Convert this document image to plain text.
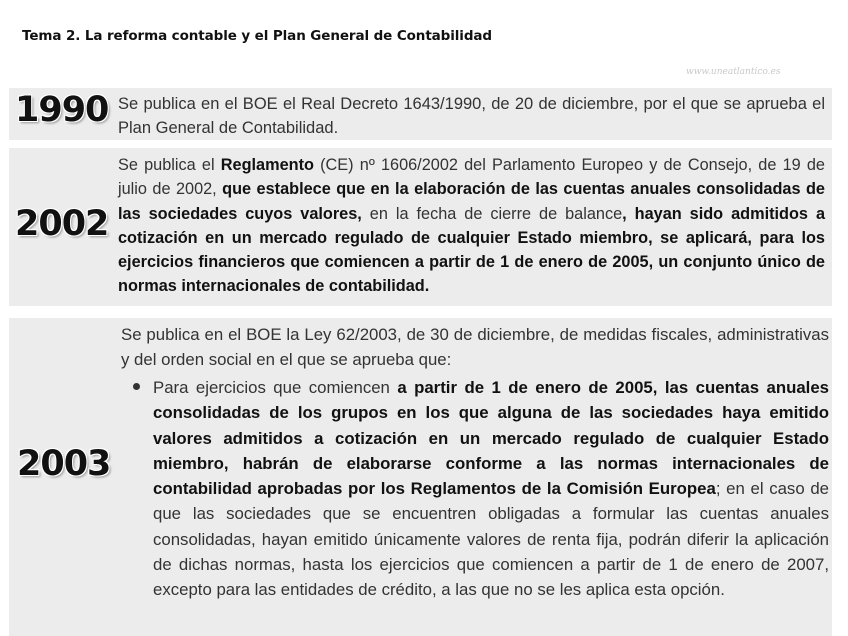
Tema 2. La reforma contable y el Plan General de Contabilidad
www.uneatlantico.es
1990 Se publica en el BOE el Real Decreto 1643/1990, de 20 de diciembre, por el que se aprueba el Plan General de Contabilidad.
2002
Se publica el Reglamento (CE) nº 1606/2002 del Parlamento Europeo y de Consejo, de 19 de julio de 2002, que establece que en la elaboración de las cuentas anuales consolidadas de las sociedades cuyos valores, en la fecha de cierre de balance, hayan sido admitidos a cotización en un mercado regulado de cualquier Estado miembro, se aplicará, para los ejercicios financieros que comiencen a partir de 1 de enero de 2005, un conjunto único de normas internacionales de contabilidad.
2003
Se publica en el BOE la Ley 62/2003, de 30 de diciembre, de medidas fiscales, administrativas y del orden social en el que se aprueba que:
Para ejercicios que comiencen a partir de 1 de enero de 2005, las cuentas anuales consolidadas de los grupos en los que alguna de las sociedades haya emitido valores admitidos a cotización en un mercado regulado de cualquier Estado miembro, habrán de elaborarse conforme a las normas internacionales de contabilidad aprobadas por los Reglamentos de la Comisión Europea; en el caso de que las sociedades que se encuentren obligadas a formular las cuentas anuales consolidadas, hayan emitido únicamente valores de renta fija, podrán diferir la aplicación de dichas normas, hasta los ejercicios que comiencen a partir de 1 de enero de 2007, excepto para las entidades de crédito, a las que no se les aplica esta opción.
